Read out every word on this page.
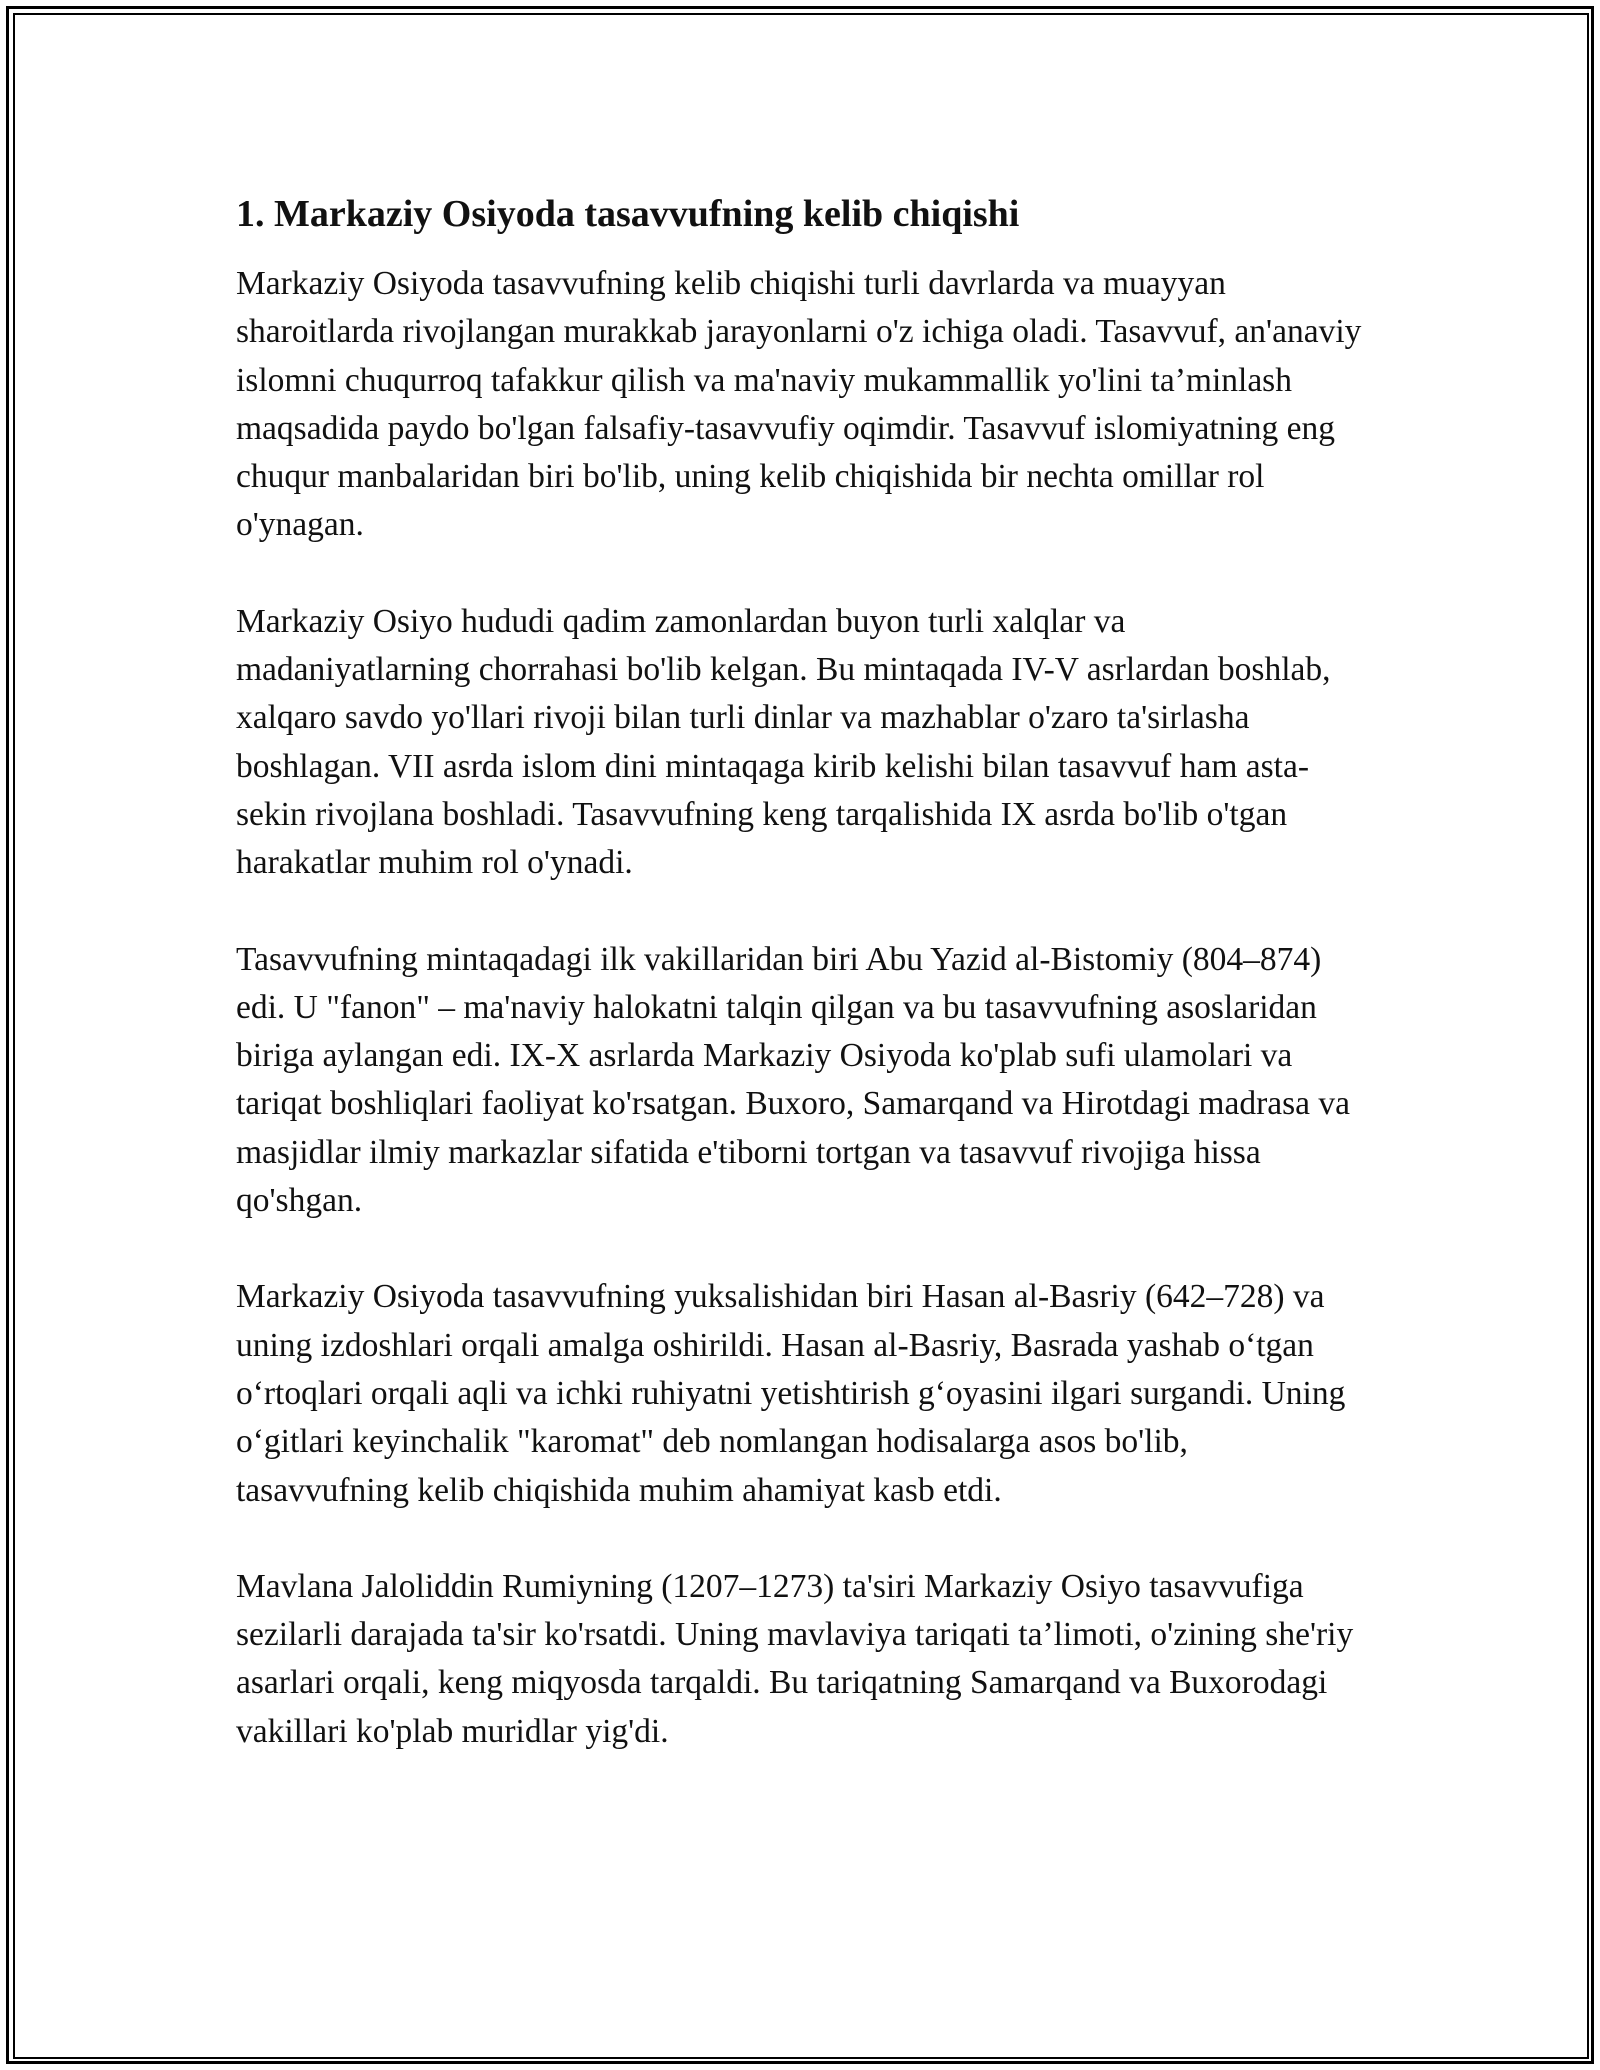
1. Markaziy Osiyoda tasavvufning kelib chiqishi

Markaziy Osiyoda tasavvufning kelib chiqishi turli davrlarda va muayyan sharoitlarda rivojlangan murakkab jarayonlarni o'z ichiga oladi. Tasavvuf, an'anaviy islomni chuqurroq tafakkur qilish va ma'naviy mukammallik yo'lini ta’minlash maqsadida paydo bo'lgan falsafiy-tasavvufiy oqimdir. Tasavvuf islomiyatning eng chuqur manbalaridan biri bo'lib, uning kelib chiqishida bir nechta omillar rol o'ynagan.

Markaziy Osiyo hududi qadim zamonlardan buyon turli xalqlar va madaniyatlarning chorrahasi bo'lib kelgan. Bu mintaqada IV-V asrlardan boshlab, xalqaro savdo yo'llari rivoji bilan turli dinlar va mazhablar o'zaro ta'sirlasha boshlagan. VII asrda islom dini mintaqaga kirib kelishi bilan tasavvuf ham asta-sekin rivojlana boshladi. Tasavvufning keng tarqalishida IX asrda bo'lib o'tgan harakatlar muhim rol o'ynadi.

Tasavvufning mintaqadagi ilk vakillaridan biri Abu Yazid al-Bistomiy (804–874) edi. U "fanon" – ma'naviy halokatni talqin qilgan va bu tasavvufning asoslaridan biriga aylangan edi. IX-X asrlarda Markaziy Osiyoda ko'plab sufi ulamolari va tariqat boshliqlari faoliyat ko'rsatgan. Buxoro, Samarqand va Hirotdagi madrasa va masjidlar ilmiy markazlar sifatida e'tiborni tortgan va tasavvuf rivojiga hissa qo'shgan.

Markaziy Osiyoda tasavvufning yuksalishidan biri Hasan al-Basriy (642–728) va uning izdoshlari orqali amalga oshirildi. Hasan al-Basriy, Basrada yashab o‘tgan o‘rtoqlari orqali aqli va ichki ruhiyatni yetishtirish g‘oyasini ilgari surgandi. Uning o‘gitlari keyinchalik "karomat" deb nomlangan hodisalarga asos bo'lib, tasavvufning kelib chiqishida muhim ahamiyat kasb etdi.

Mavlana Jaloliddin Rumiyning (1207–1273) ta'siri Markaziy Osiyo tasavvufiga sezilarli darajada ta'sir ko'rsatdi. Uning mavlaviya tariqati ta’limoti, o'zining she'riy asarlari orqali, keng miqyosda tarqaldi. Bu tariqatning Samarqand va Buxorodagi vakillari ko'plab muridlar yig'di.
